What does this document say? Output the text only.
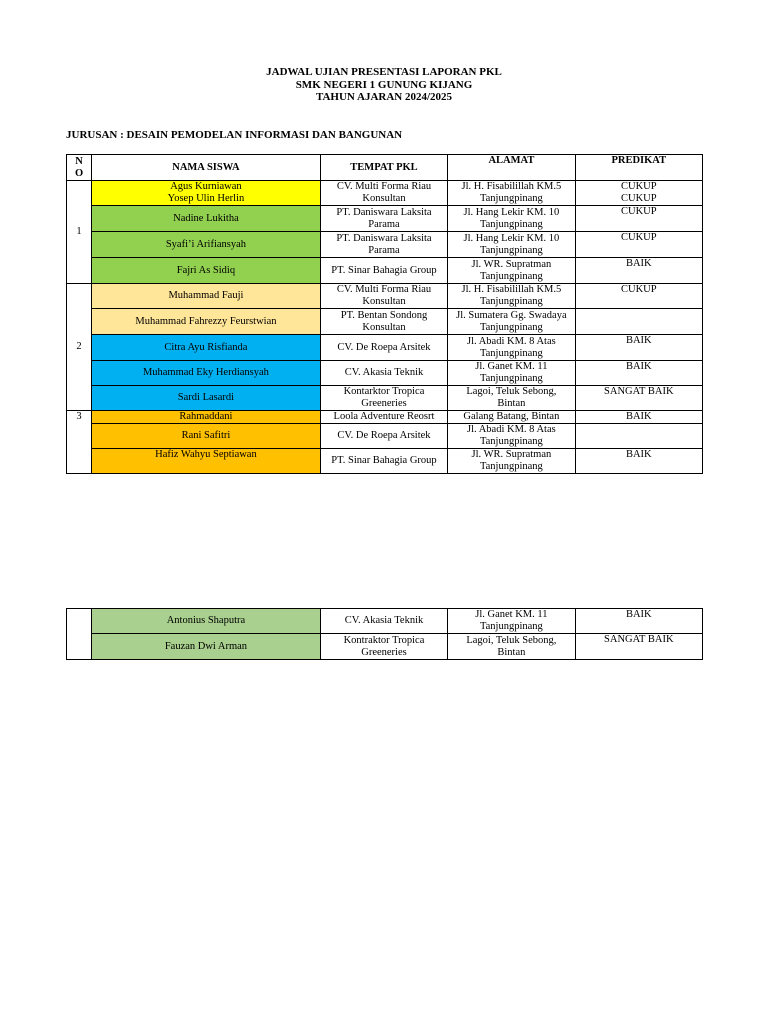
JADWAL UJIAN PRESENTASI LAPORAN PKL
SMK NEGERI 1 GUNUNG KIJANG
TAHUN AJARAN 2024/2025
JURUSAN : DESAIN PEMODELAN INFORMASI DAN BANGUNAN
N
O	NAMA SISWA	TEMPAT PKL	ALAMAT	PREDIKAT
1	Agus Kurniawan
Yosep Ulin Herlin	CV. Multi Forma Riau
Konsultan	Jl. H. Fisabilillah KM.5
Tanjungpinang	CUKUP
CUKUP
	Nadine Lukitha	PT. Daniswara Laksita
Parama	Jl. Hang Lekir KM. 10
Tanjungpinang	CUKUP
	Syafi’i Arifiansyah	PT. Daniswara Laksita
Parama	Jl. Hang Lekir KM. 10
Tanjungpinang	CUKUP
	Fajri As Sidiq	PT. Sinar Bahagia Group	Jl. WR. Supratman
Tanjungpinang	BAIK
2	Muhammad Fauji	CV. Multi Forma Riau
Konsultan	Jl. H. Fisabilillah KM.5
Tanjungpinang	CUKUP
	Muhammad Fahrezzy Feurstwian	PT. Bentan Sondong
Konsultan	Jl. Sumatera Gg. Swadaya
Tanjungpinang	
	Citra Ayu Risfianda	CV. De Roepa Arsitek	Jl. Abadi KM. 8 Atas
Tanjungpinang	BAIK
	Muhammad Eky Herdiansyah	CV. Akasia Teknik	Jl. Ganet KM. 11
Tanjungpinang	BAIK
	Sardi Lasardi	Kontarktor Tropica
Greeneries	Lagoi, Teluk Sebong,
Bintan	SANGAT BAIK
3	Rahmaddani	Loola Adventure Reosrt	Galang Batang, Bintan	BAIK
	Rani Safitri	CV. De Roepa Arsitek	Jl. Abadi KM. 8 Atas
Tanjungpinang	
	Hafiz Wahyu Septiawan	PT. Sinar Bahagia Group	Jl. WR. Supratman
Tanjungpinang	BAIK
	Antonius Shaputra	CV. Akasia Teknik	Jl. Ganet KM. 11
Tanjungpinang	BAIK
	Fauzan Dwi Arman	Kontraktor Tropica
Greeneries	Lagoi, Teluk Sebong,
Bintan	SANGAT BAIK
